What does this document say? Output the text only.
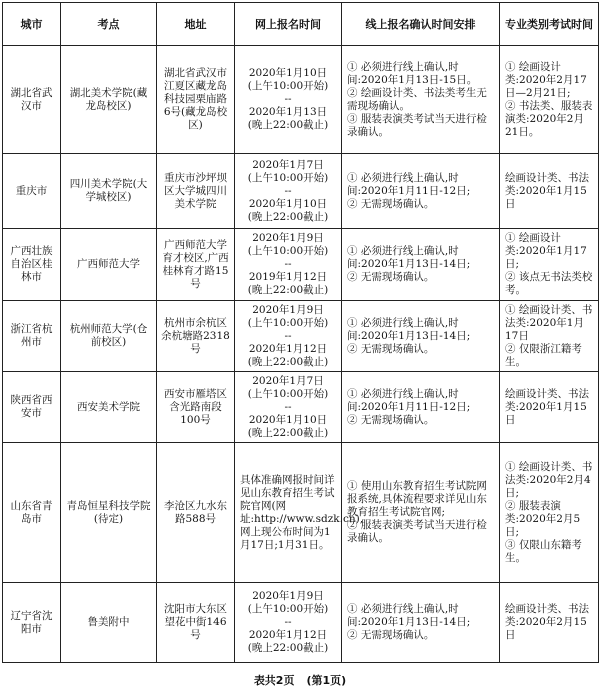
城市	考点	地址	网上报名时间	线上报名确认时间安排	专业类别考试时间
湖北省武汉市	湖北美术学院(藏龙岛校区)	湖北省武汉市江夏区藏龙岛科技园栗庙路6号(藏龙岛校区)	2020年1月10日
(上午10:00开始)
--
2020年1月13日
(晚上22:00截止)	① 必须进行线上确认,时间:2020年1月13日-15日。
② 绘画设计类、书法类考生无需现场确认。
③ 服装表演类考试当天进行检录确认。	① 绘画设计类:2020年2月17日—2月21日;
② 书法类、服装表演类:2020年2月21日。

重庆市	四川美术学院(大学城校区)	重庆市沙坪坝区大学城四川美术学院	2020年1月7日
(上午10:00开始)
--
2020年1月10日
(晚上22:00截止)	① 必须进行线上确认,时间:2020年1月11日-12日;
② 无需现场确认。	绘画设计类、书法类:2020年1月15日

广西壮族自治区桂林市	广西师范大学	广西师范大学育才校区,广西桂林育才路15号	2020年1月9日
(上午10:00开始)
--
2019年1月12日
(晚上22:00截止)	① 必须进行线上确认,时间:2020年1月13日-14日;
② 无需现场确认。	① 绘画设计类:2020年1月17日;
② 该点无书法类校考。

浙江省杭州市	杭州师范大学(仓前校区)	杭州市余杭区余杭塘路2318号	2020年1月9日
(上午10:00开始)
--
2020年1月12日
(晚上22:00截止)	① 必须进行线上确认,时间:2020年1月13日-14日;
② 无需现场确认。	① 绘画设计类、书法类:2020年1月17日
② 仅限浙江籍考生。

陕西省西安市	西安美术学院	西安市雁塔区含光路南段100号	2020年1月7日
(上午10:00开始)
--
2020年1月10日
(晚上22:00截止)	① 必须进行线上确认,时间:2020年1月11日-12日;
② 无需现场确认。	绘画设计类、书法类:2020年1月15日

山东省青岛市	青岛恒星科技学院(待定)	李沧区九水东路588号	具体准确网报时间详见山东教育招生考试院官网(网址:http://www.sdzk.cn),网上现公布时间为1月17日;1月31日。	① 使用山东教育招生考试院网报系统,具体流程要求详见山东教育招生考试院官网;
② 服装表演类考试当天进行检录确认。	① 绘画设计类、书法类:2020年2月4日;
② 服装表演类:2020年2月5日;
③ 仅限山东籍考生。

辽宁省沈阳市	鲁美附中	沈阳市大东区望花中街146号	2020年1月9日
(上午10:00开始)
--
2020年1月12日
(晚上22:00截止)	① 必须进行线上确认,时间:2020年1月13日-14日;
② 无需现场确认。	绘画设计类、书法类:2020年2月15日
表共2页 (第1页)
